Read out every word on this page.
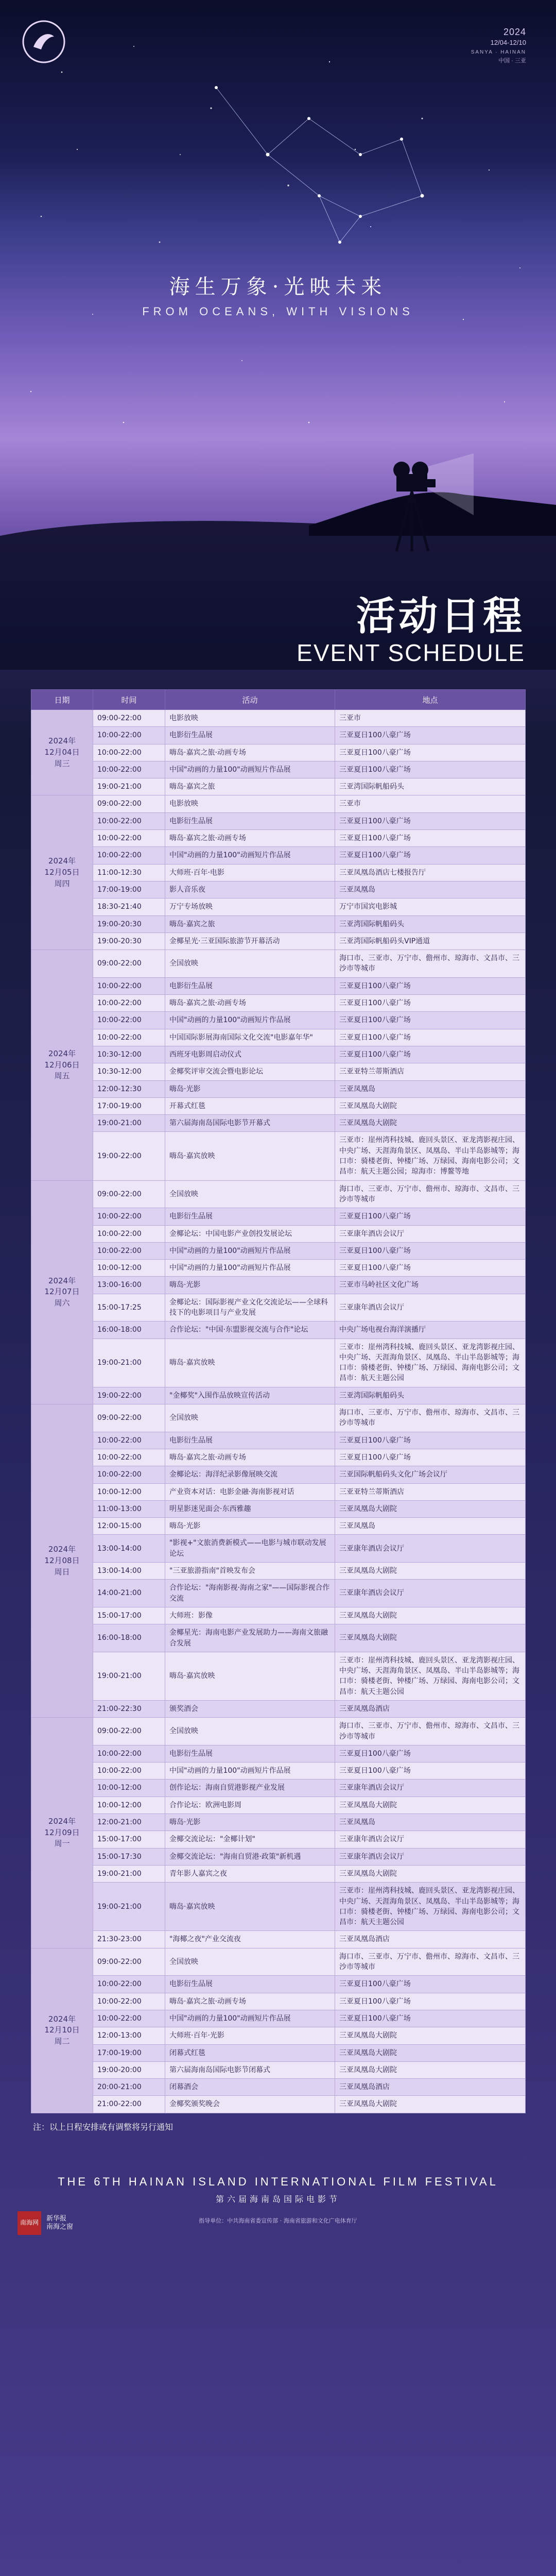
2024
12/04-12/10
SANYA · HAINAN
中国 · 三亚
海生万象·光映未来
FROM OCEANS, WITH VISIONS
活动日程
EVENT SCHEDULE
日期	时间	活动	地点
2024年
12月04日
周三	09:00-22:00	电影放映	三亚市
	10:00-22:00	电影衍生品展	三亚夏日100八豪广场
	10:00-22:00	嗨岛·嘉宾之旅·动画专场	三亚夏日100八豪广场
	10:00-22:00	中国"动画的力量100"动画短片作品展	三亚夏日100八豪广场
	19:00-21:00	嗨岛·嘉宾之旅	三亚湾国际帆船码头
2024年
12月05日
周四	09:00-22:00	电影放映	三亚市
	10:00-22:00	电影衍生品展	三亚夏日100八豪广场
	10:00-22:00	嗨岛·嘉宾之旅·动画专场	三亚夏日100八豪广场
	10:00-22:00	中国"动画的力量100"动画短片作品展	三亚夏日100八豪广场
	11:00-12:30	大师班·百年·电影	三亚凤凰岛酒店七楼报告厅
	17:00-19:00	影人音乐夜	三亚凤凰岛
	18:30-21:40	万宁专场放映	万宁市国宾电影城
	19:00-20:30	嗨岛·嘉宾之旅	三亚湾国际帆船码头
	19:00-20:30	金椰星光·三亚国际旅游节开幕活动	三亚湾国际帆船码头VIP通道
2024年
12月06日
周五	09:00-22:00	全国放映	海口市、三亚市、万宁市、儋州市、琼海市、文昌市、三沙市等城市
	10:00-22:00	电影衍生品展	三亚夏日100八豪广场
	10:00-22:00	嗨岛·嘉宾之旅·动画专场	三亚夏日100八豪广场
	10:00-22:00	中国"动画的力量100"动画短片作品展	三亚夏日100八豪广场
	10:00-22:00	中国国际影展海南国际文化交流"电影嘉年华"	三亚夏日100八豪广场
	10:30-12:00	西班牙电影周启动仪式	三亚夏日100八豪广场
	10:30-12:00	金椰奖评审交流会暨电影论坛	三亚亚特兰蒂斯酒店
	12:00-12:30	嗨岛·光影	三亚凤凰岛
	17:00-19:00	开幕式红毯	三亚凤凰岛大剧院
	19:00-21:00	第六届海南岛国际电影节开幕式	三亚凤凰岛大剧院
	19:00-22:00	嗨岛·嘉宾放映	三亚市：崖州湾科技城、鹿回头景区、亚龙湾影视庄园、中央广场、天涯海角景区、凤凰岛、半山半岛影城等；海口市：骑楼老街、钟楼广场、万绿园、海南电影公司；文昌市：航天主题公园；琼海市：博鳌等地
2024年
12月07日
周六	09:00-22:00	全国放映	海口市、三亚市、万宁市、儋州市、琼海市、文昌市、三沙市等城市
	10:00-22:00	电影衍生品展	三亚夏日100八豪广场
	10:00-22:00	金椰论坛：中国电影产业创投发展论坛	三亚康年酒店会议厅
	10:00-22:00	中国"动画的力量100"动画短片作品展	三亚夏日100八豪广场
	10:00-12:00	中国"动画的力量100"动画短片作品展	三亚夏日100八豪广场
	13:00-16:00	嗨岛·光影	三亚市马岭社区文化广场
	15:00-17:25	金椰论坛：国际影视产业文化交流论坛——全球科技下的电影项目与产业发展	三亚康年酒店会议厅
	16:00-18:00	合作论坛："中国·东盟影视交流与合作"论坛	中央广场电视台海洋演播厅
	19:00-21:00	嗨岛·嘉宾放映	三亚市：崖州湾科技城、鹿回头景区、亚龙湾影视庄园、中央广场、天涯海角景区、凤凰岛、半山半岛影城等；海口市：骑楼老街、钟楼广场、万绿园、海南电影公司；文昌市：航天主题公园
	19:00-22:00	"金椰奖"入围作品放映宣传活动	三亚湾国际帆船码头
2024年
12月08日
周日	09:00-22:00	全国放映	海口市、三亚市、万宁市、儋州市、琼海市、文昌市、三沙市等城市
	10:00-22:00	电影衍生品展	三亚夏日100八豪广场
	10:00-22:00	嗨岛·嘉宾之旅·动画专场	三亚夏日100八豪广场
	10:00-22:00	金椰论坛：海洋纪录影像展映交流	三亚国际帆船码头文化广场会议厅
	10:00-12:00	产业资本对话：电影金融·海南影视对话	三亚亚特兰蒂斯酒店
	11:00-13:00	明星影迷见面会·东西雅趣	三亚凤凰岛大剧院
	12:00-15:00	嗨岛·光影	三亚凤凰岛
	13:00-14:00	"影视+"文旅消费新模式——电影与城市联动发展论坛	三亚康年酒店会议厅
	13:00-14:00	"三亚旅游指南"首映发布会	三亚凤凰岛大剧院
	14:00-21:00	合作论坛："海南影视·海南之家"——国际影视合作交流	三亚康年酒店会议厅
	15:00-17:00	大师班：影像	三亚凤凰岛大剧院
	16:00-18:00	金椰星光：海南电影产业发展助力——海南文旅融合发展	三亚凤凰岛大剧院
	19:00-21:00	嗨岛·嘉宾放映	三亚市：崖州湾科技城、鹿回头景区、亚龙湾影视庄园、中央广场、天涯海角景区、凤凰岛、半山半岛影城等；海口市：骑楼老街、钟楼广场、万绿园、海南电影公司；文昌市：航天主题公园
	21:00-22:30	颁奖酒会	三亚凤凰岛酒店
2024年
12月09日
周一	09:00-22:00	全国放映	海口市、三亚市、万宁市、儋州市、琼海市、文昌市、三沙市等城市
	10:00-22:00	电影衍生品展	三亚夏日100八豪广场
	10:00-22:00	中国"动画的力量100"动画短片作品展	三亚夏日100八豪广场
	10:00-12:00	创作论坛：海南自贸港影视产业发展	三亚康年酒店会议厅
	10:00-12:00	合作论坛：欧洲电影周	三亚凤凰岛大剧院
	12:00-21:00	嗨岛·光影	三亚凤凰岛
	15:00-17:00	金椰交流论坛："金椰计划"	三亚康年酒店会议厅
	15:00-17:30	金椰交流论坛："海南自贸港·政策"新机遇	三亚康年酒店会议厅
	19:00-21:00	青年影人嘉宾之夜	三亚凤凰岛大剧院
	19:00-21:00	嗨岛·嘉宾放映	三亚市：崖州湾科技城、鹿回头景区、亚龙湾影视庄园、中央广场、天涯海角景区、凤凰岛、半山半岛影城等；海口市：骑楼老街、钟楼广场、万绿园、海南电影公司；文昌市：航天主题公园
	21:30-23:00	"海椰之夜"产业交流夜	三亚凤凰岛酒店
2024年
12月10日
周二	09:00-22:00	全国放映	海口市、三亚市、万宁市、儋州市、琼海市、文昌市、三沙市等城市
	10:00-22:00	电影衍生品展	三亚夏日100八豪广场
	10:00-22:00	嗨岛·嘉宾之旅·动画专场	三亚夏日100八豪广场
	10:00-22:00	中国"动画的力量100"动画短片作品展	三亚夏日100八豪广场
	12:00-13:00	大师班·百年·光影	三亚凤凰岛大剧院
	17:00-19:00	闭幕式红毯	三亚凤凰岛大剧院
	19:00-20:00	第六届海南岛国际电影节闭幕式	三亚凤凰岛大剧院
	20:00-21:00	闭幕酒会	三亚凤凰岛酒店
	21:00-22:00	金椰奖颁奖晚会	三亚凤凰岛大剧院
注：以上日程安排或有调整将另行通知
THE 6TH HAINAN ISLAND INTERNATIONAL FILM FESTIVAL
第六届海南岛国际电影节
指导单位：中共海南省委宣传部 · 海南省旅游和文化广电体育厅
南海网	新华报
南海之窗
